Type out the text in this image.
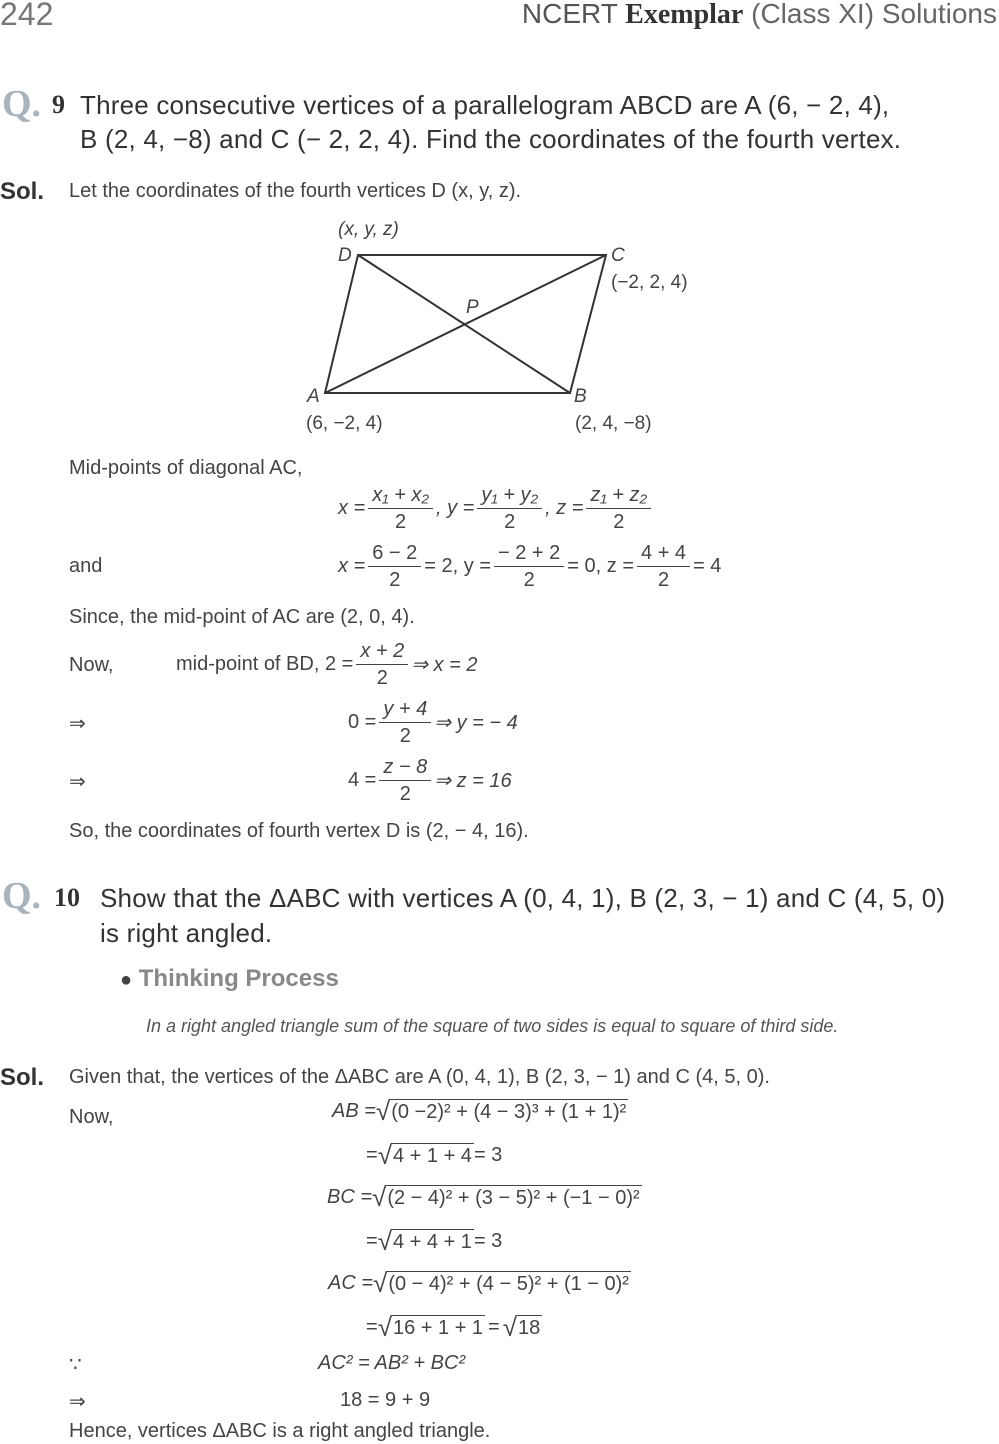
242	NCERT Exemplar (Class XI) Solutions
Q. 9 Three consecutive vertices of a parallelogram ABCD are A (6, − 2, 4),
B (2, 4, −8) and C (− 2, 2, 4). Find the coordinates of the fourth vertex.
Sol. Let the coordinates of the fourth vertices D (x, y, z).
(x, y, z)
D	C
(−2, 2, 4)
P
A
(6, −2, 4)
B
(2, 4, −8)
Mid-points of diagonal AC,
$x = \frac{\text{x₁ + x₂}}{2}$ , $y = \frac{\text{y₁ + y₂}}{2}$ , $z = \frac{\text{z₁ + z₂}}{2}$
and	$x = \frac{6 - 2}{2} = 2$, $y = \frac{- 2 + 2}{2} = 0$, $z = \frac{4 + 4}{2} = 4$
Since, the mid-point of AC are (2, 0, 4).
Now,	mid-point of BD, $2 = \frac{x + 2}{2}$ ⇒ x = 2
⇒	$0 = \frac{y + 4}{2}$ ⇒ y = − 4
⇒	$4 = \frac{z - 8}{2}$ ⇒ z = 16
So, the coordinates of fourth vertex D is (2, − 4, 16).
Q. 10 Show that the ΔABC with vertices A (0, 4, 1), B (2, 3, − 1) and C (4, 5, 0)
is right angled.
● Thinking Process
In a right angled triangle sum of the square of two sides is equal to square of third side.
Sol. Given that, the vertices of the ΔABC are A (0, 4, 1), B (2, 3, − 1) and C (4, 5, 0).
Now,	AB = √ (0 −2)² + (4 − 3)³ + (1 + 1)²
= √ 4 + 1 + 4 = 3
BC = √ (2 − 4)² + (3 − 5)² + (−1 − 0)²
= √ 4 + 4 + 1 = 3
AC = √ (0 − 4)² + (4 − 5)² + (1 − 0)²
= √ 16 + 1 + 1 = √ 18
∵	AC² = AB² + BC²
⇒	18 = 9 + 9
Hence, vertices ΔABC is a right angled triangle.
